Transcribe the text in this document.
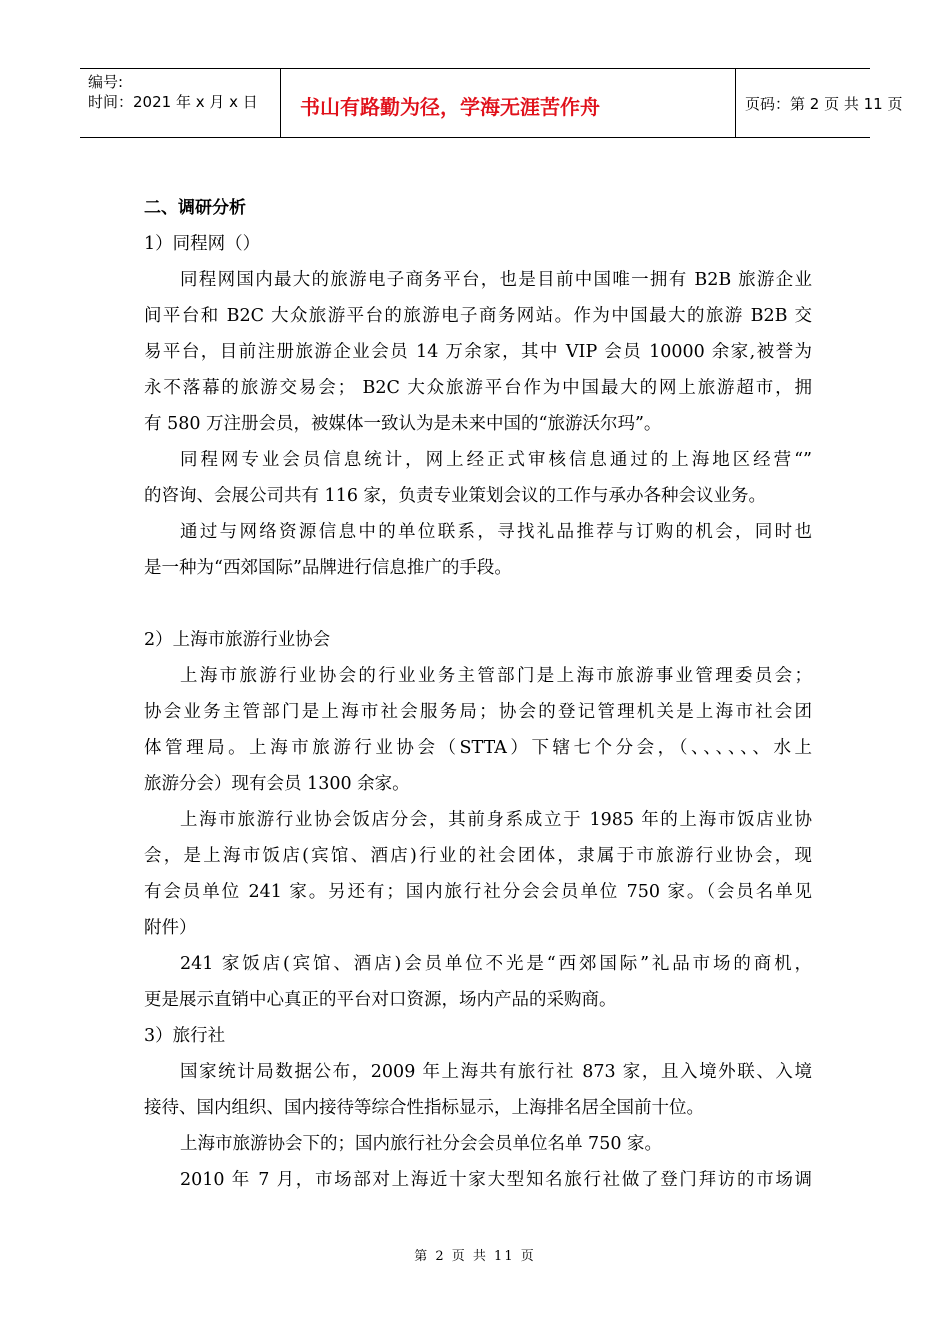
编号:
时间：2021 年 x 月 x 日 书山有路勤为径，学海无涯苦作舟	页码：第 2 页 共 11 页
二、调研分析
1）同程网（）
同程网国内最大的旅游电子商务平台，也是目前中国唯一拥有 B2B 旅游企业
间平台和 B2C 大众旅游平台的旅游电子商务网站。作为中国最大的旅游 B2B 交
易平台，目前注册旅游企业会员 14 万余家，其中 VIP 会员 10000 余家,被誉为
永不落幕的旅游交易会； B2C 大众旅游平台作为中国最大的网上旅游超市，拥
有 580 万注册会员，被媒体一致认为是未来中国的“旅游沃尔玛”。
同程网专业会员信息统计，网上经正式审核信息通过的上海地区经营“”
的咨询、会展公司共有 116 家，负责专业策划会议的工作与承办各种会议业务。
通过与网络资源信息中的单位联系，寻找礼品推荐与订购的机会，同时也
是一种为“西郊国际”品牌进行信息推广的手段。
2）上海市旅游行业协会
上海市旅游行业协会的行业业务主管部门是上海市旅游事业管理委员会；
协会业务主管部门是上海市社会服务局；协会的登记管理机关是上海市社会团
体管理局。上海市旅游行业协会（STTA）下辖七个分会，（、、、、、、水上
旅游分会）现有会员 1300 余家。
上海市旅游行业协会饭店分会，其前身系成立于 1985 年的上海市饭店业协
会，是上海市饭店(宾馆、酒店)行业的社会团体，隶属于市旅游行业协会，现
有会员单位 241 家。另还有；国内旅行社分会会员单位 750 家。（会员名单见
附件）
241 家饭店(宾馆、酒店)会员单位不光是“西郊国际”礼品市场的商机，
更是展示直销中心真正的平台对口资源，场内产品的采购商。
3）旅行社
国家统计局数据公布，2009 年上海共有旅行社 873 家，且入境外联、入境
接待、国内组织、国内接待等综合性指标显示，上海排名居全国前十位。
上海市旅游协会下的；国内旅行社分会会员单位名单 750 家。
2010 年 7 月，市场部对上海近十家大型知名旅行社做了登门拜访的市场调
第 2 页 共 11 页
